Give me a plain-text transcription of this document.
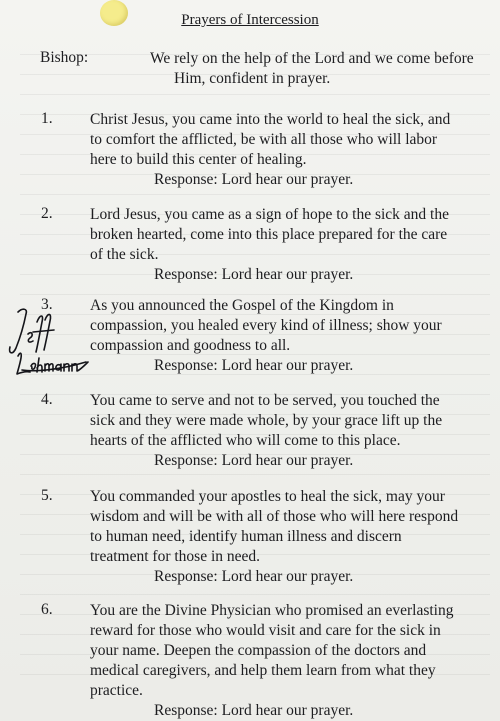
Prayers of Intercession
Bishop:	We rely on the help of the Lord and we come before
Him, confident in prayer.
1. Christ Jesus, you came into the world to heal the sick, and
to comfort the afflicted, be with all those who will labor
here to build this center of healing.
Response: Lord hear our prayer.
2. Lord Jesus, you came as a sign of hope to the sick and the
broken hearted, come into this place prepared for the care
of the sick.
Response: Lord hear our prayer.
3. As you announced the Gospel of the Kingdom in
compassion, you healed every kind of illness; show your
compassion and goodness to all.
Response: Lord hear our prayer.
4. You came to serve and not to be served, you touched the
sick and they were made whole, by your grace lift up the
hearts of the afflicted who will come to this place.
Response: Lord hear our prayer.
5. You commanded your apostles to heal the sick, may your
wisdom and will be with all of those who will here respond
to human need, identify human illness and discern
treatment for those in need.
Response: Lord hear our prayer.
6. You are the Divine Physician who promised an everlasting
reward for those who would visit and care for the sick in
your name. Deepen the compassion of the doctors and
medical caregivers, and help them learn from what they
practice.
Response: Lord hear our prayer.
